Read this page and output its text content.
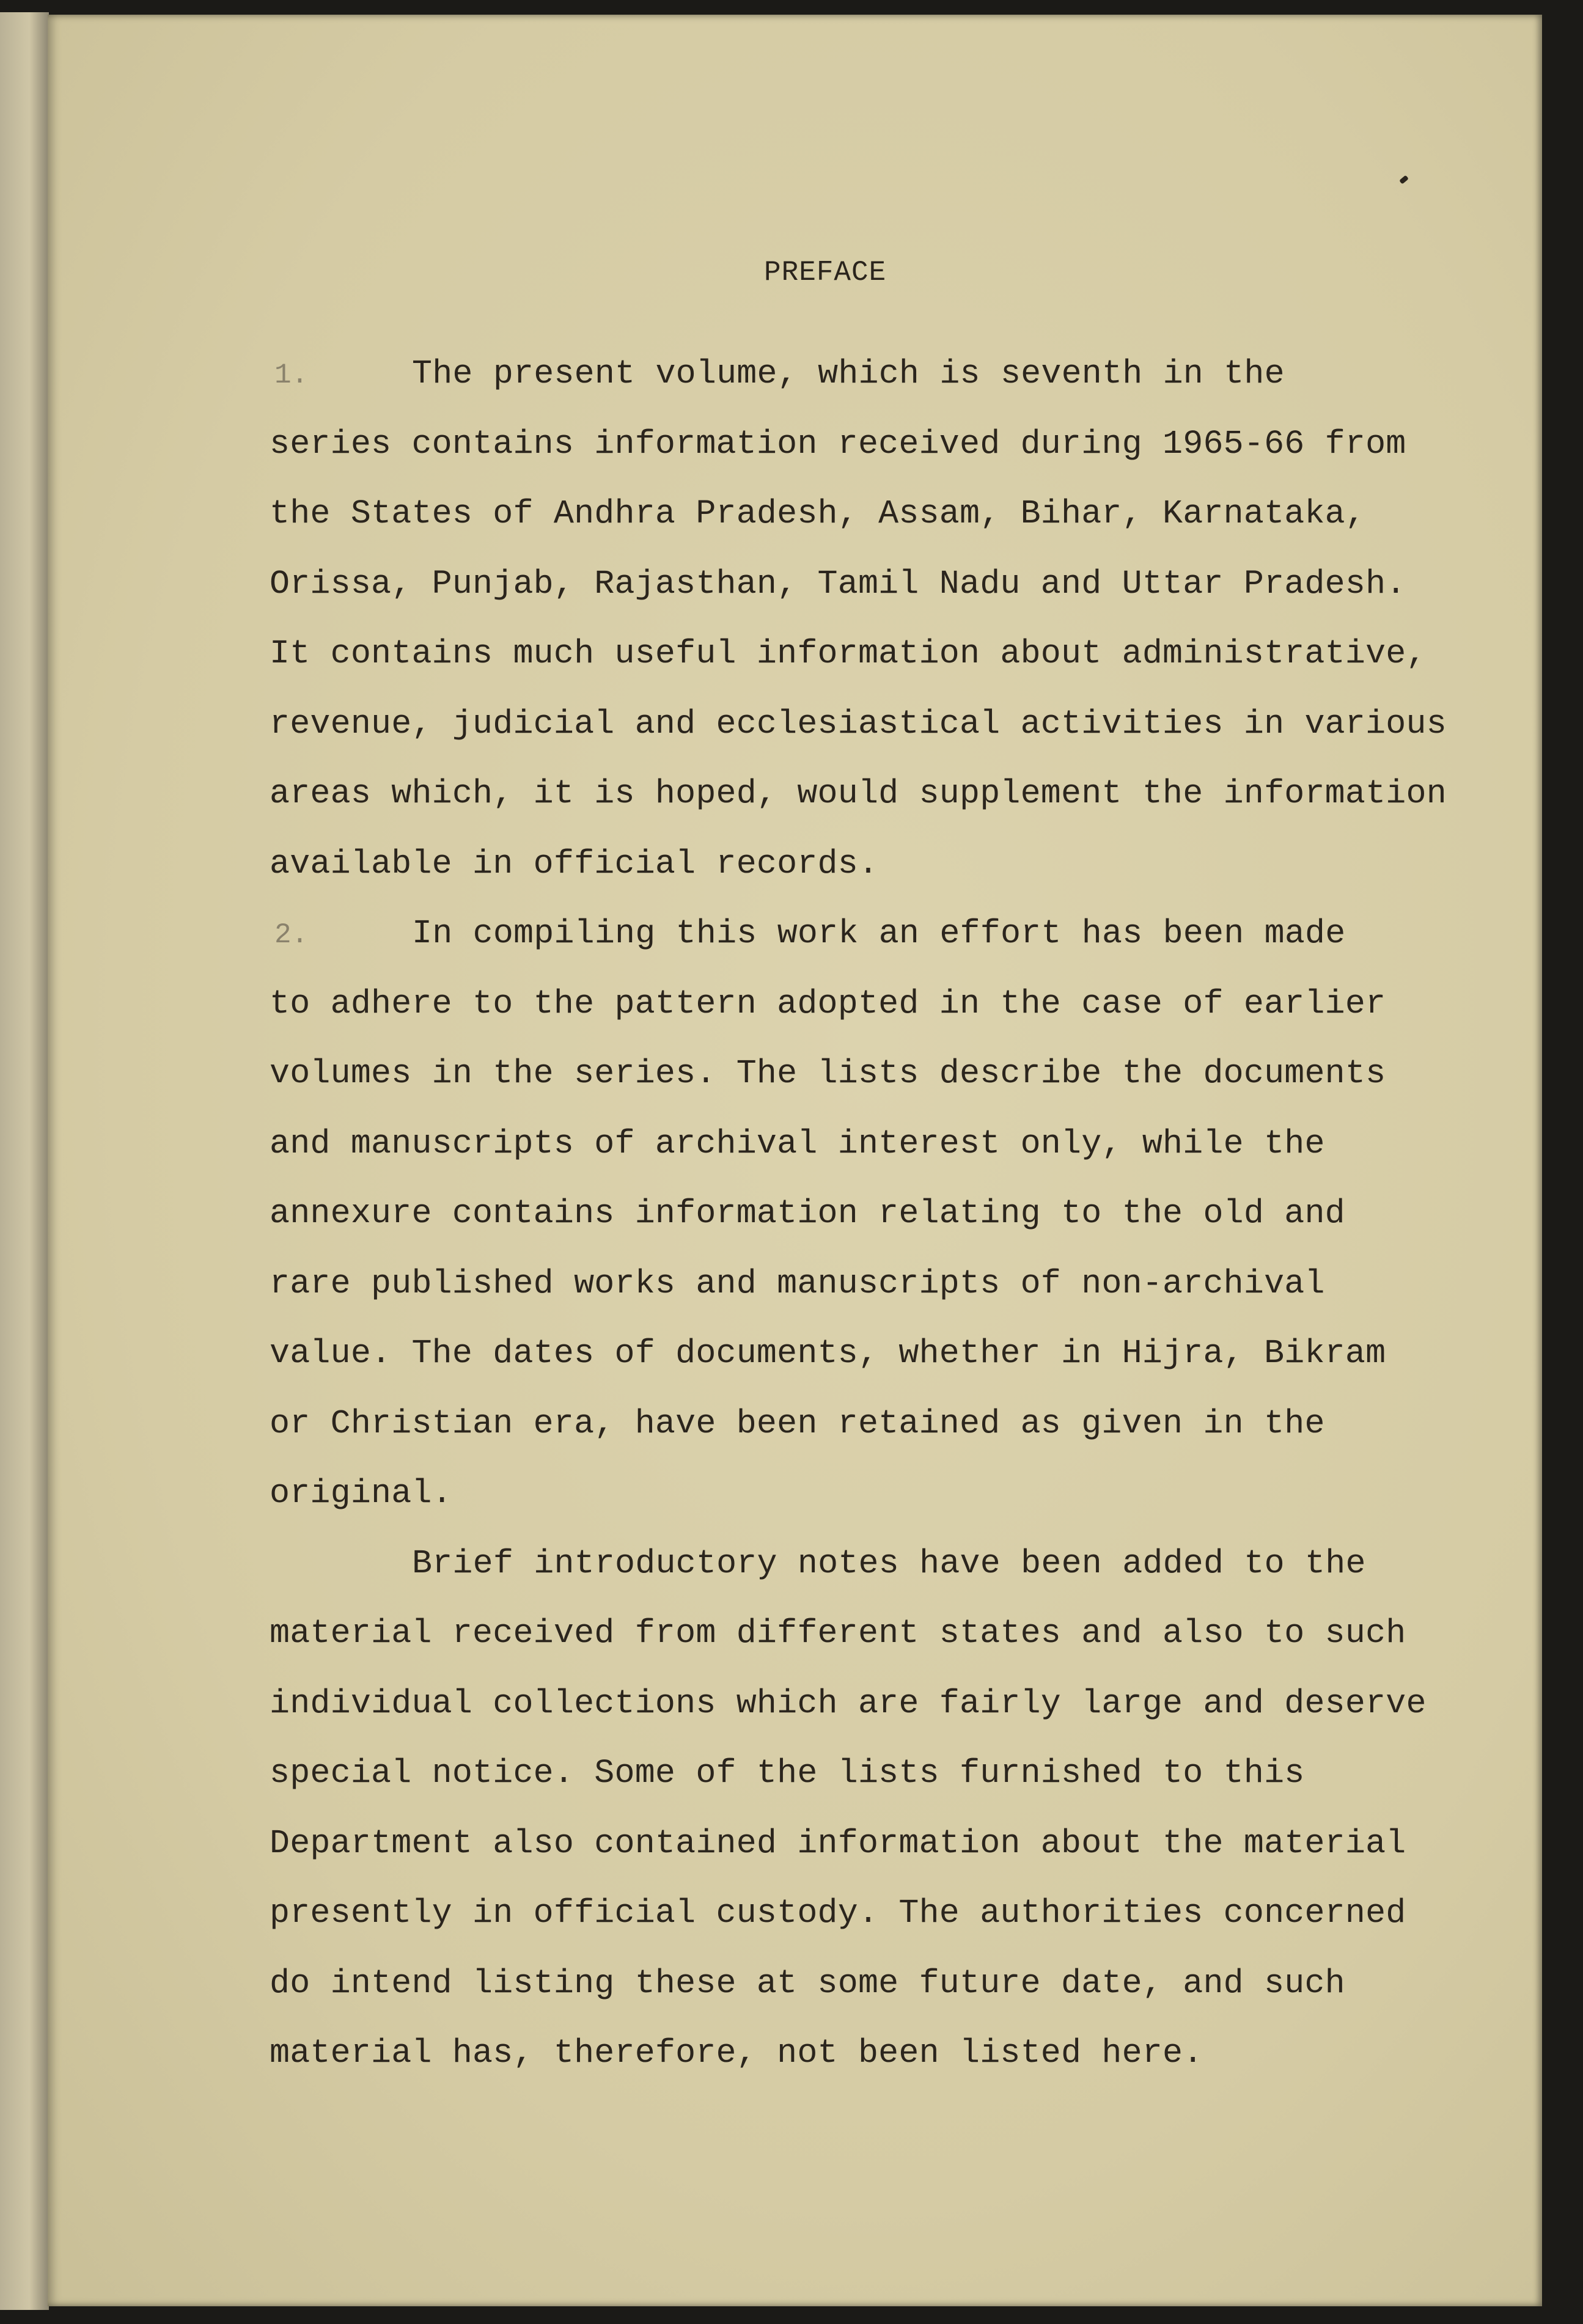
PREFACE
1.	The present volume, which is seventh in the
series contains information received during 1965-66 from
the States of Andhra Pradesh, Assam, Bihar, Karnataka,
Orissa, Punjab, Rajasthan, Tamil Nadu and Uttar Pradesh.
It contains much useful information about administrative,
revenue, judicial and ecclesiastical activities in various
areas which, it is hoped, would supplement the information
available in official records.
2.	In compiling this work an effort has been made
to adhere to the pattern adopted in the case of earlier
volumes in the series. The lists describe the documents
and manuscripts of archival interest only, while the
annexure contains information relating to the old and
rare published works and manuscripts of non-archival
value. The dates of documents, whether in Hijra, Bikram
or Christian era, have been retained as given in the
original.
Brief introductory notes have been added to the
material received from different states and also to such
individual collections which are fairly large and deserve
special notice. Some of the lists furnished to this
Department also contained information about the material
presently in official custody. The authorities concerned
do intend listing these at some future date, and such
material has, therefore, not been listed here.
